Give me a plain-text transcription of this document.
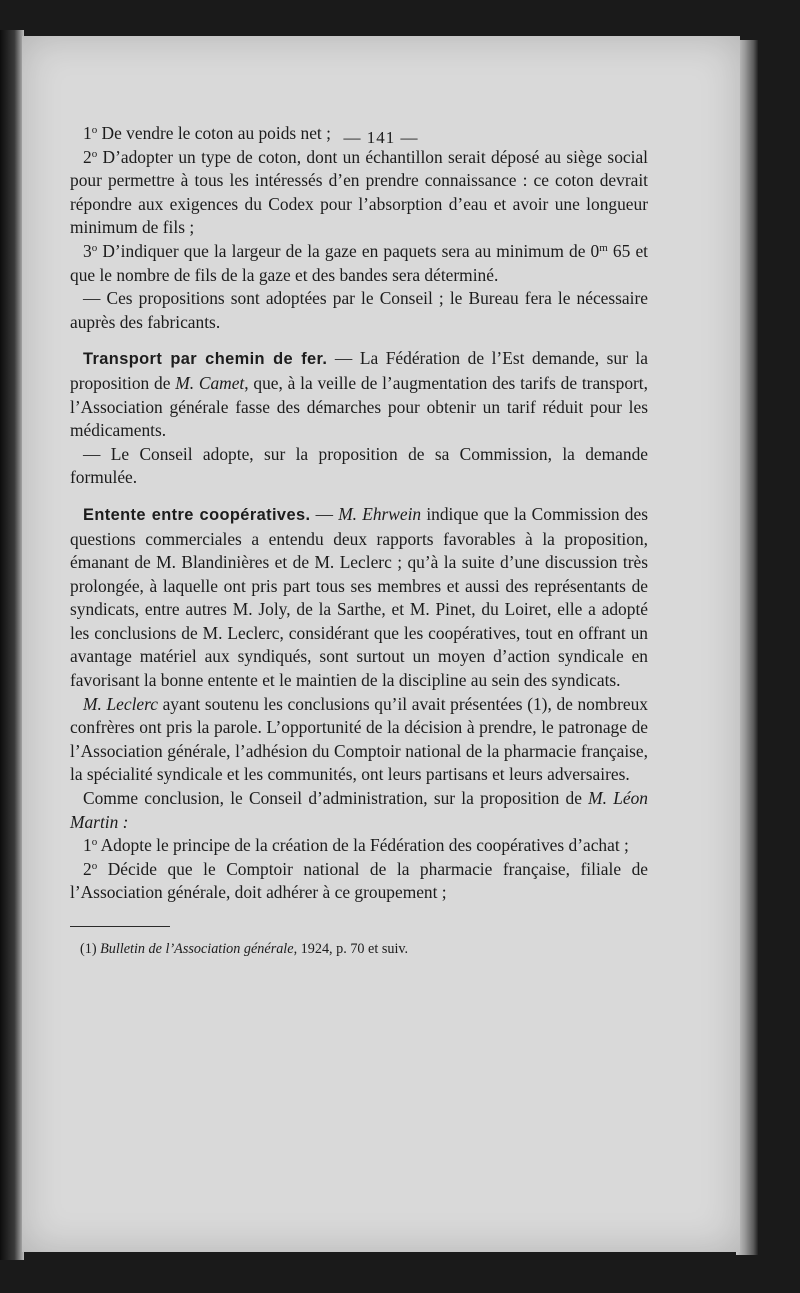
— 141 —

1$^o$ De vendre le coton au poids net ;

2$^o$ D’adopter un type de coton, dont un échantillon serait déposé au siège social pour permettre à tous les intéressés d’en prendre connaissance : ce coton devrait répondre aux exigences du Codex pour l’absorption d’eau et avoir une longueur minimum de fils ;

3$^o$ D’indiquer que la largeur de la gaze en paquets sera au minimum de 0$^m$ 65 et que le nombre de fils de la gaze et des bandes sera déterminé.

— Ces propositions sont adoptées par le Conseil ; le Bureau fera le nécessaire auprès des fabricants.

Transport par chemin de fer. — La Fédération de l’Est demande, sur la proposition de M. Camet, que, à la veille de l’augmentation des tarifs de transport, l’Association générale fasse des démarches pour obtenir un tarif réduit pour les médicaments.

— Le Conseil adopte, sur la proposition de sa Commission, la demande formulée.

Entente entre coopératives. — M. Ehrwein indique que la Commission des questions commerciales a entendu deux rapports favorables à la proposition, émanant de M. Blandinières et de M. Leclerc ; qu’à la suite d’une discussion très prolongée, à laquelle ont pris part tous ses membres et aussi des représentants de syndicats, entre autres M. Joly, de la Sarthe, et M. Pinet, du Loiret, elle a adopté les conclusions de M. Leclerc, considérant que les coopératives, tout en offrant un avantage matériel aux syndiqués, sont surtout un moyen d’action syndicale en favorisant la bonne entente et le maintien de la discipline au sein des syndicats.

M. Leclerc ayant soutenu les conclusions qu’il avait présentées (1), de nombreux confrères ont pris la parole. L’opportunité de la décision à prendre, le patronage de l’Association générale, l’adhésion du Comptoir national de la pharmacie française, la spécialité syndicale et les communités, ont leurs partisans et leurs adversaires.

Comme conclusion, le Conseil d’administration, sur la proposition de M. Léon Martin :

1$^o$ Adopte le principe de la création de la Fédération des coopératives d’achat ;

2$^o$ Décide que le Comptoir national de la pharmacie française, filiale de l’Association générale, doit adhérer à ce groupement ;

(1) Bulletin de l’Association générale, 1924, p. 70 et suiv.
